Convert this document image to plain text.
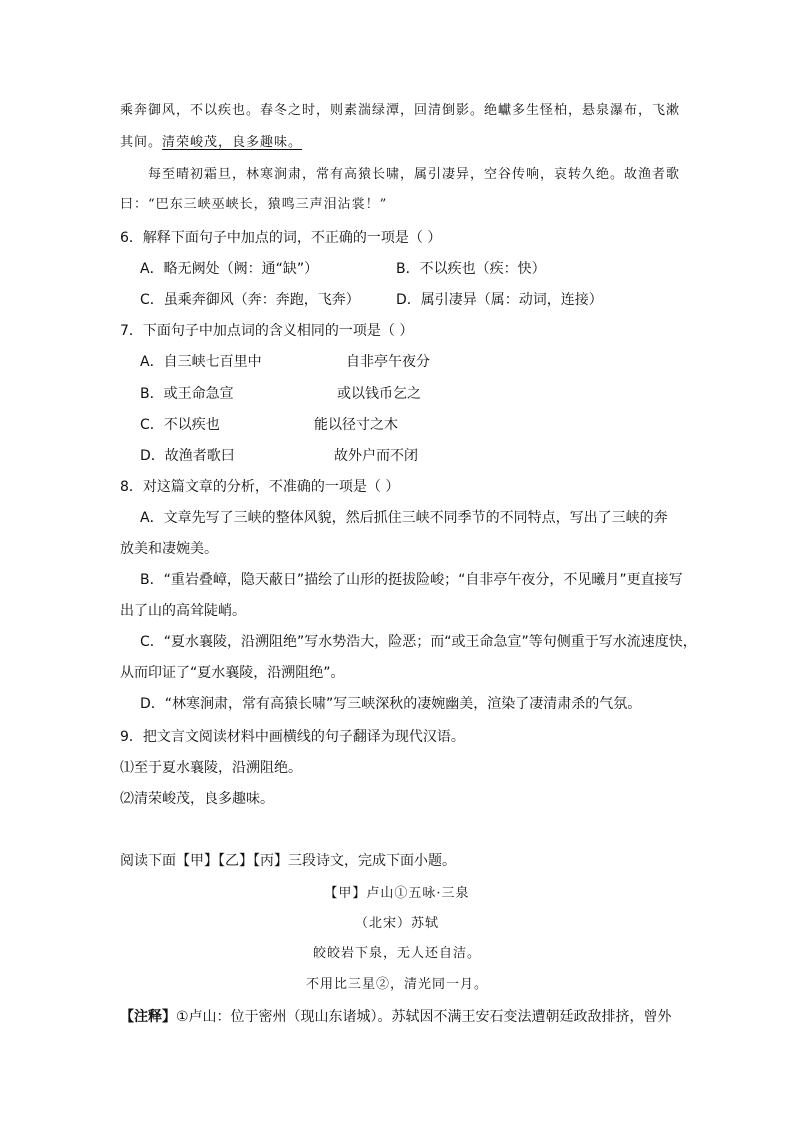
乘奔御风，不以疾也。春冬之时，则素湍绿潭，回清倒影。绝巘多生怪柏，悬泉瀑布，飞漱
其间。清荣峻茂，良多趣味。
每至晴初霜旦，林寒涧肃，常有高猿长啸，属引凄异，空谷传响，哀转久绝。故渔者歌
曰：“巴东三峡巫峡长，猿鸣三声泪沾裳！”
6．解释下面句子中加点的词，不正确的一项是（ ）
A．略无阙处（阙：通“缺”）	B．不以疾也（疾：快）
C．虽乘奔御风（奔：奔跑，飞奔）	D．属引凄异（属：动词，连接）
7．下面句子中加点词的含义相同的一项是（ ）
A．自三峡七百里中	自非亭午夜分
B．或王命急宣	或以钱币乞之
C．不以疾也	能以径寸之木
D．故渔者歌曰	故外户而不闭
8．对这篇文章的分析，不准确的一项是（ ）
A．文章先写了三峡的整体风貌，然后抓住三峡不同季节的不同特点，写出了三峡的奔
放美和凄婉美。
B．“重岩叠嶂，隐天蔽日”描绘了山形的挺拔险峻；“自非亭午夜分，不见曦月”更直接写
出了山的高耸陡峭。
C．“夏水襄陵，沿溯阻绝”写水势浩大，险恶；而“或王命急宣”等句侧重于写水流速度快，
从而印证了“夏水襄陵，沿溯阻绝”。
D．“林寒涧肃，常有高猿长啸”写三峡深秋的凄婉幽美，渲染了凄清肃杀的气氛。
9．把文言文阅读材料中画横线的句子翻译为现代汉语。
⑴至于夏水襄陵，沿溯阻绝。
⑵清荣峻茂，良多趣味。
阅读下面【甲】【乙】【丙】三段诗文，完成下面小题。
【甲】卢山①五咏·三泉
（北宋）苏轼
皎皎岩下泉，无人还自洁。
不用比三星②，清光同一月。
【注释】①卢山：位于密州（现山东诸城）。苏轼因不满王安石变法遭朝廷政敌排挤，曾外
